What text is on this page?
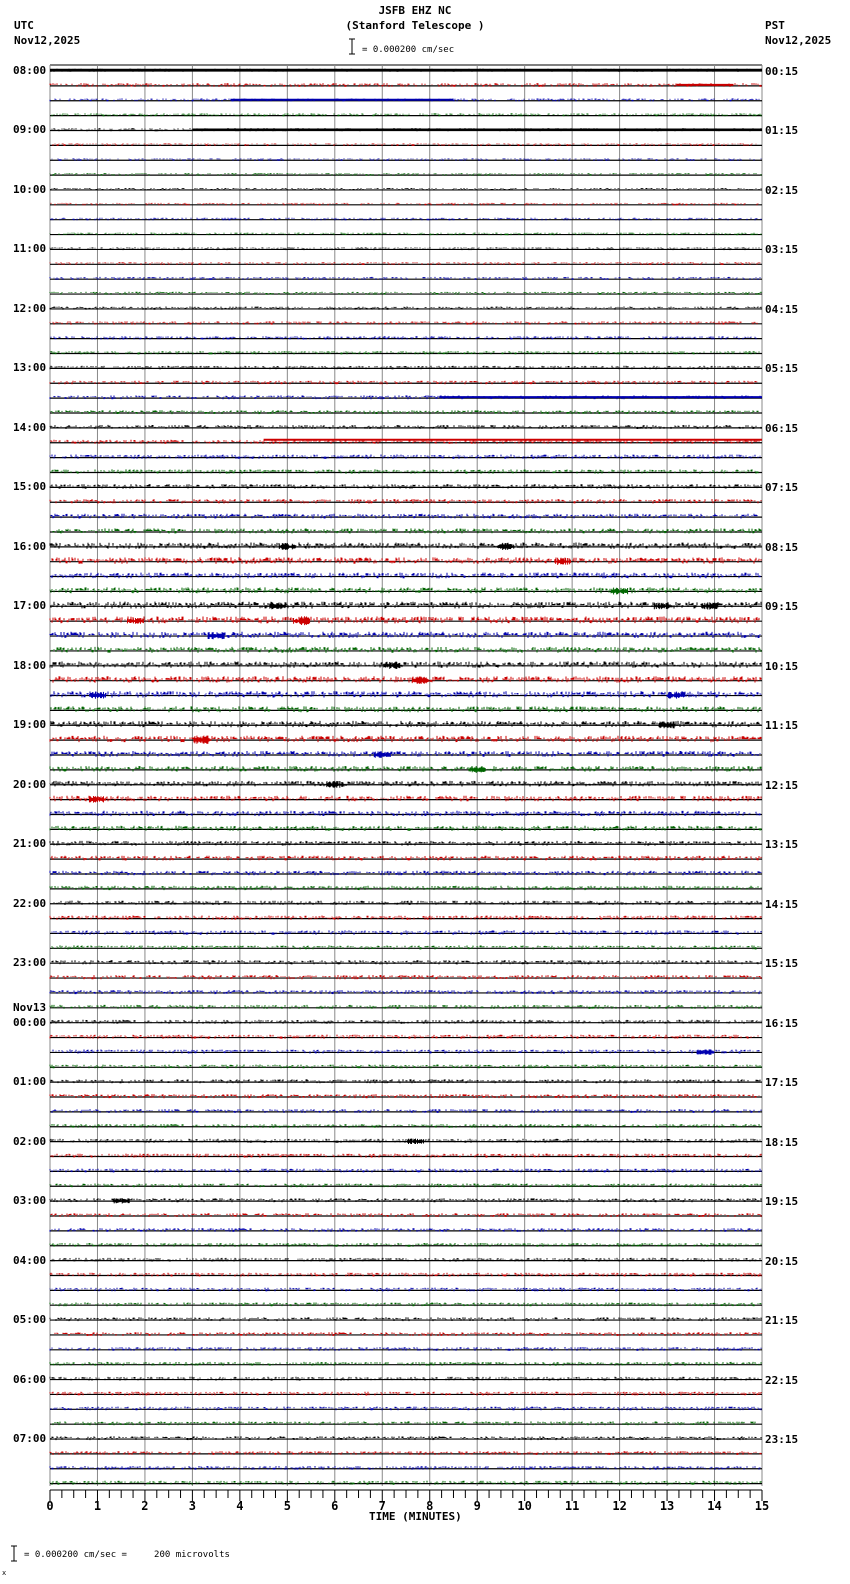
JSFB EHZ NC
(Stanford Telescope )
UTC
Nov12,2025
PST
Nov12,2025
= 0.000200 cm/sec
08:00
09:00
10:00
11:00
12:00
13:00
14:00
15:00
16:00
17:00
18:00
19:00
20:00
21:00
22:00
23:00
Nov13
00:00
01:00
02:00
03:00
04:00
05:00
06:00
07:00
00:15
01:15
02:15
03:15
04:15
05:15
06:15
07:15
08:15
09:15
10:15
11:15
12:15
13:15
14:15
15:15
16:15
17:15
18:15
19:15
20:15
21:15
22:15
23:15
0	1	2	3	4	5	6	7	8	9	10	11	12	13	14	15
TIME (MINUTES)
x
= 0.000200 cm/sec =     200 microvolts
